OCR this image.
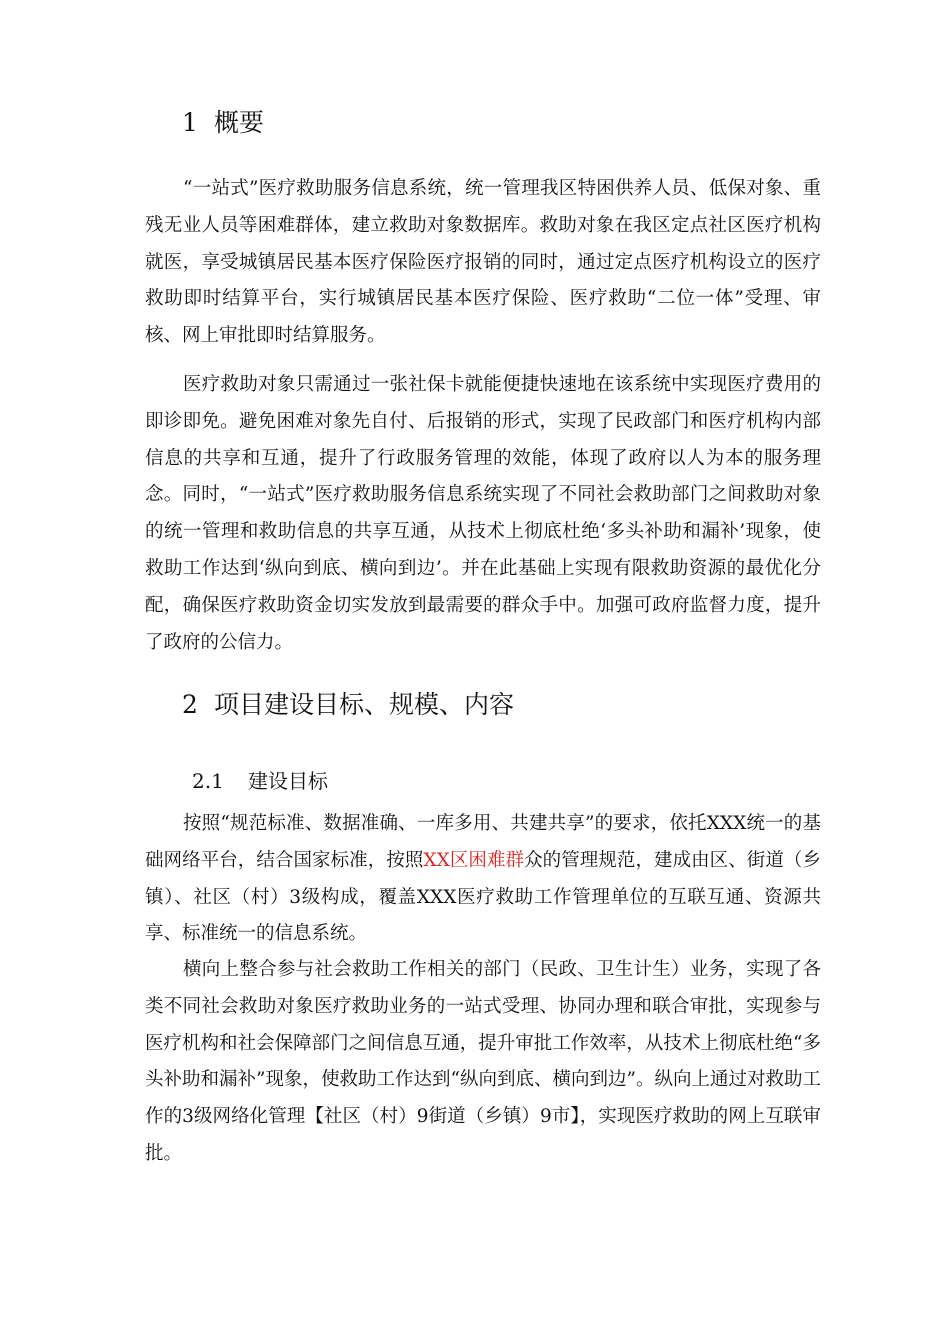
1 概要

“一站式”医疗救助服务信息系统，统一管理我区特困供养人员、低保对象、重残无业人员等困难群体，建立救助对象数据库。救助对象在我区定点社区医疗机构就医，享受城镇居民基本医疗保险医疗报销的同时，通过定点医疗机构设立的医疗救助即时结算平台，实行城镇居民基本医疗保险、医疗救助“二位一体”受理、审核、网上审批即时结算服务。

医疗救助对象只需通过一张社保卡就能便捷快速地在该系统中实现医疗费用的即诊即免。避免困难对象先自付、后报销的形式，实现了民政部门和医疗机构内部信息的共享和互通，提升了行政服务管理的效能，体现了政府以人为本的服务理念。同时，“一站式”医疗救助服务信息系统实现了不同社会救助部门之间救助对象的统一管理和救助信息的共享互通，从技术上彻底杜绝‘多头补助和漏补’现象，使救助工作达到‘纵向到底、横向到边’。并在此基础上实现有限救助资源的最优化分配，确保医疗救助资金切实发放到最需要的群众手中。加强可政府监督力度，提升了政府的公信力。

2 项目建设目标、规模、内容
2.1 建设目标

按照“规范标准、数据准确、一库多用、共建共享”的要求，依托XXX统一的基础网络平台，结合国家标准，按照XX区困难群众的管理规范，建成由区、街道（乡镇）、社区（村）3级构成，覆盖XXX医疗救助工作管理单位的互联互通、资源共享、标准统一的信息系统。

横向上整合参与社会救助工作相关的部门（民政、卫生计生）业务，实现了各类不同社会救助对象医疗救助业务的一站式受理、协同办理和联合审批，实现参与医疗机构和社会保障部门之间信息互通，提升审批工作效率，从技术上彻底杜绝“多头补助和漏补”现象，使救助工作达到“纵向到底、横向到边”。纵向上通过对救助工作的3级网络化管理【社区（村）9街道（乡镇）9市】，实现医疗救助的网上互联审批。
